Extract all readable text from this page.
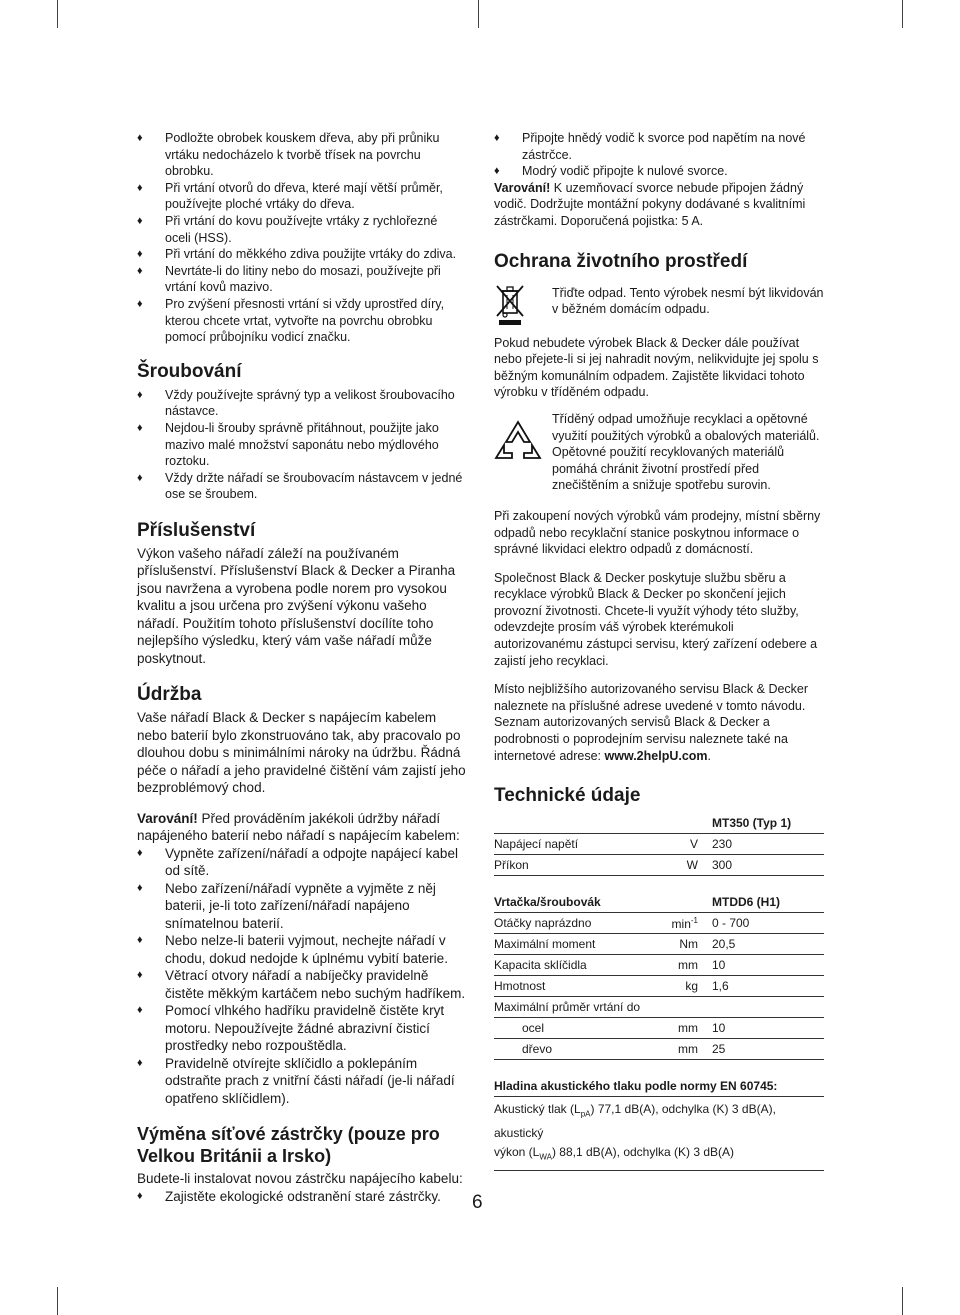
♦ Podložte obrobek kouskem dřeva, aby při průniku vrtáku nedocházelo k tvorbě třísek na povrchu obrobku.

♦ Při vrtání otvorů do dřeva, které mají větší průměr, používejte ploché vrtáky do dřeva.

♦ Při vrtání do kovu používejte vrtáky z rychlořezné oceli (HSS).

♦ Při vrtání do měkkého zdiva použijte vrtáky do zdiva.

♦ Nevrtáte-li do litiny nebo do mosazi, používejte při vrtání kovů mazivo.

♦ Pro zvýšení přesnosti vrtání si vždy uprostřed díry, kterou chcete vrtat, vytvořte na povrchu obrobku pomocí průbojníku vodicí značku.

Šroubování

♦ Vždy používejte správný typ a velikost šroubovacího nástavce.

♦ Nejdou-li šrouby správně přitáhnout, použijte jako mazivo malé množství saponátu nebo mýdlového roztoku.

♦ Vždy držte nářadí se šroubovacím nástavcem v jedné ose se šroubem.

Příslušenství

Výkon vašeho nářadí záleží na používaném příslušenství. Příslušenství Black & Decker a Piranha jsou navržena a vyrobena podle norem pro vysokou kvalitu a jsou určena pro zvýšení výkonu vašeho nářadí. Použitím tohoto příslušenství docílíte toho nejlepšího výsledku, který vám vaše nářadí může poskytnout.

Údržba

Vaše nářadí Black & Decker s napájecím kabelem nebo baterií bylo zkonstruováno tak, aby pracovalo po dlouhou dobu s minimálními nároky na údržbu. Řádná péče o nářadí a jeho pravidelné čištění vám zajistí jeho bezproblémový chod.

Varování! Před prováděním jakékoli údržby nářadí napájeného baterií nebo nářadí s napájecím kabelem:

♦ Vypněte zařízení/nářadí a odpojte napájecí kabel od sítě.

♦ Nebo zařízení/nářadí vypněte a vyjměte z něj baterii, je-li toto zařízení/nářadí napájeno snímatelnou baterií.

♦ Nebo nelze-li baterii vyjmout, nechejte nářadí v chodu, dokud nedojde k úplnému vybití baterie.

♦ Větrací otvory nářadí a nabíječky pravidelně čistěte měkkým kartáčem nebo suchým hadříkem.

♦ Pomocí vlhkého hadříku pravidelně čistěte kryt motoru. Nepoužívejte žádné abrazivní čisticí prostředky nebo rozpouštědla.

♦ Pravidelně otvírejte sklíčidlo a poklepáním odstraňte prach z vnitřní části nářadí (je-li nářadí opatřeno sklíčidlem).

Výměna síťové zástrčky (pouze pro Velkou Británii a Irsko)

Budete-li instalovat novou zástrčku napájecího kabelu:

♦ Zajistěte ekologické odstranění staré zástrčky.

♦ Připojte hnědý vodič k svorce pod napětím na nové zástrčce.

♦ Modrý vodič připojte k nulové svorce.

Varování! K uzemňovací svorce nebude připojen žádný vodič. Dodržujte montážní pokyny dodávané s kvalitními zástrčkami. Doporučená pojistka: 5 A.

Ochrana životního prostředí

Třiďte odpad. Tento výrobek nesmí být likvidován v běžném domácím odpadu.

Pokud nebudete výrobek Black & Decker dále používat nebo přejete-li si jej nahradit novým, nelikvidujte jej spolu s běžným komunálním odpadem. Zajistěte likvidaci tohoto výrobku v tříděném odpadu.

Tříděný odpad umožňuje recyklaci a opětovné využití použitých výrobků a obalových materiálů. Opětovné použití recyklovaných materiálů pomáhá chránit životní prostředí před znečištěním a snižuje spotřebu surovin.

Při zakoupení nových výrobků vám prodejny, místní sběrny odpadů nebo recyklační stanice poskytnou informace o správné likvidaci elektro odpadů z domácností.

Společnost Black & Decker poskytuje službu sběru a recyklace výrobků Black & Decker po skončení jejich provozní životnosti. Chcete-li využít výhody této služby, odevzdejte prosím váš výrobek kterémukoli autorizovanému zástupci servisu, který zařízení odebere a zajistí jeho recyklaci.

Místo nejbližšího autorizovaného servisu Black & Decker naleznete na příslušné adrese uvedené v tomto návodu. Seznam autorizovaných servisů Black & Decker a podrobnosti o poprodejním servisu naleznete také na internetové adrese: www.2helpU.com.

Technické údaje
		MT350 (Typ 1)
Napájecí napětí	V	230
Příkon	W	300

Vrtačka/šroubovák		MTDD6 (H1)
Otáčky naprázdno	$\min^{-1}$	0 - 700
Maximální moment	Nm	20,5
Kapacita sklíčidla	mm	10
Hmotnost	kg	1,6
Maximální průměr vrtání do		
ocel	mm	10
dřevo	mm	25

Hladina akustického tlaku podle normy EN 60745:		
Akustický tlak $(L_{pA})$ 77,1 dB(A), odchylka (K) 3 dB(A), akustický
výkon $(L_{WA})$ 88,1 dB(A), odchylka (K) 3 dB(A)		
6
